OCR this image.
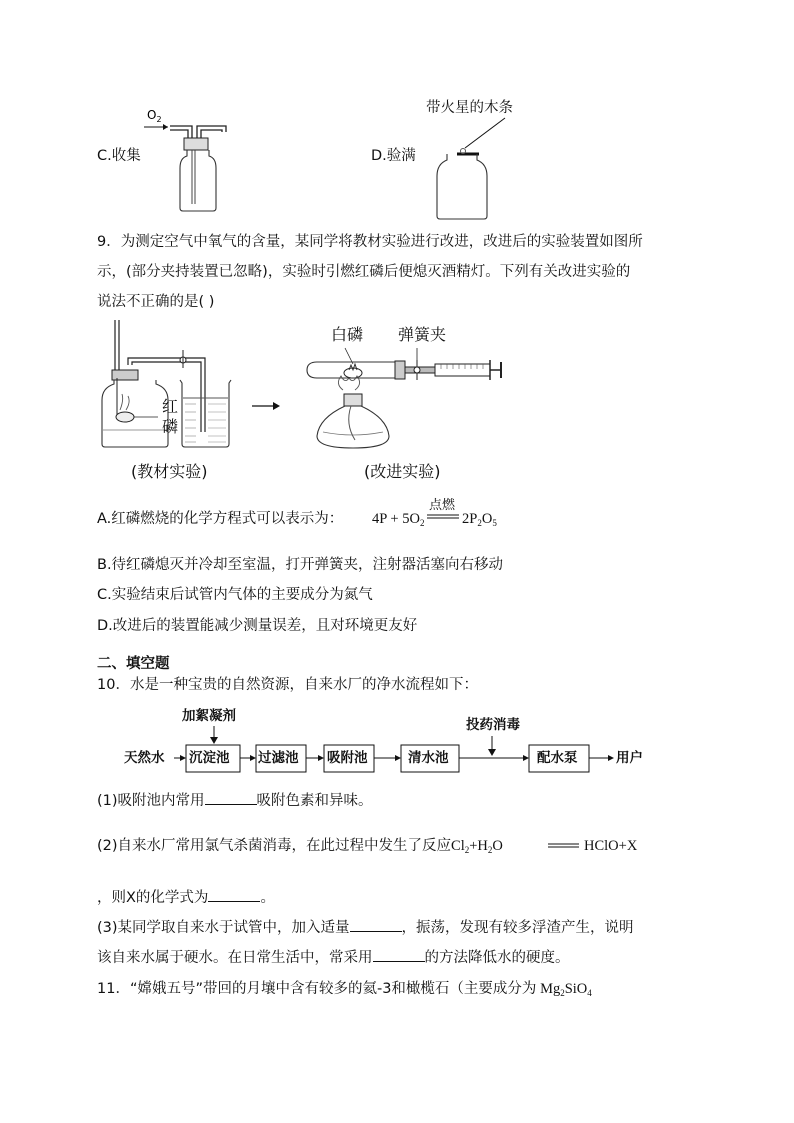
C.收集	D.验满
$O_2$
带火星的木条
9．为测定空气中氧气的含量，某同学将教材实验进行改进，改进后的实验装置如图所
示，(部分夹持装置已忽略)，实验时引燃红磷后便熄灭酒精灯。下列有关改进实验的
说法不正确的是( )
红
磷
(教材实验)
白磷 弹簧夹
(改进实验)
A.红磷燃烧的化学方程式可以表示为： $4P + 5O_2$
点燃
$2P_2O_5$
B.待红磷熄灭并冷却至室温，打开弹簧夹，注射器活塞向右移动
C.实验结束后试管内气体的主要成分为氮气
D.改进后的装置能减少测量误差，且对环境更友好
二、填空题
10．水是一种宝贵的自然资源，自来水厂的净水流程如下：
加絮凝剂
投药消毒
天然水 沉淀池 过滤池 吸附池	清水池	配水泵	用户
(1)吸附池内常用	吸附色素和异味。
(2)自来水厂常用氯气杀菌消毒，在此过程中发生了反应$Cl_2+H_2O$	HClO+X
，则X的化学式为	。
(3)某同学取自来水于试管中，加入适量	，振荡，发现有较多浮渣产生，说明
该自来水属于硬水。在日常生活中，常采用	的方法降低水的硬度。
11．“嫦娥五号”带回的月壤中含有较多的氦-3和橄榄石（主要成分为 $Mg_2SiO_4$
